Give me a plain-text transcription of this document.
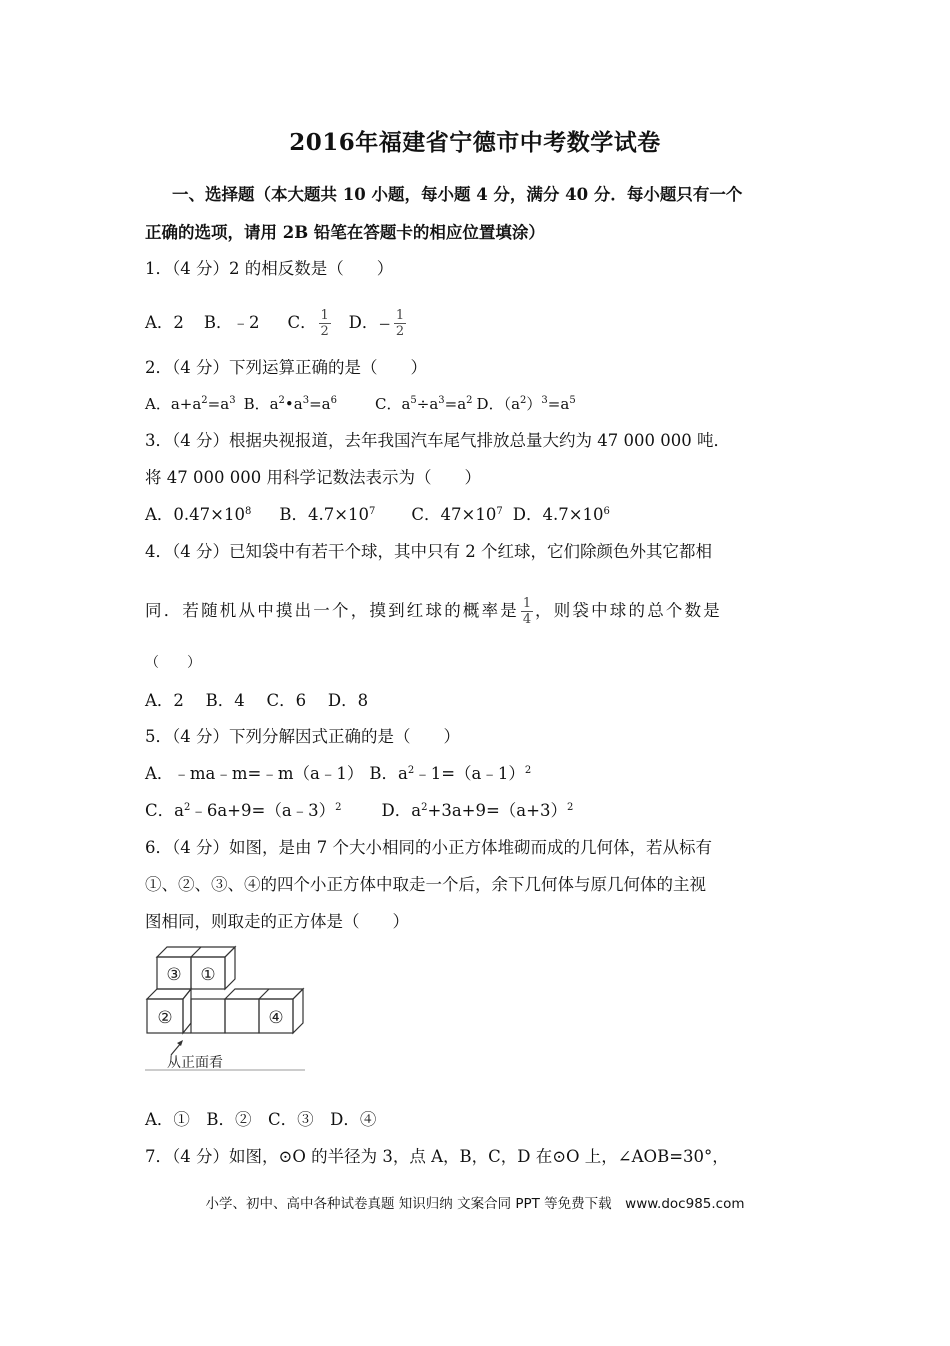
2016年福建省宁德市中考数学试卷
一、选择题（本大题共 10 小题，每小题 4 分，满分 40 分．每小题只有一个
正确的选项，请用 2B 铅笔在答题卡的相应位置填涂）
1．（4 分）2 的相反数是（　　）
A．2 B．﹣2 C． $\frac{1}{2}$ D．− $\frac{1}{2}$
2．（4 分）下列运算正确的是（　　）
A．$a+a^2=a^3$ B．$a^2•a^3=a^6$	C．$a^5\div a^3=a^2$ D．$(a^2)^3=a^5$
3．（4 分）根据央视报道，去年我国汽车尾气排放总量大约为 47 000 000 吨．
将 47 000 000 用科学记数法表示为（　　）
A．$0.47\times 10^8$ B．$4.7\times 10^7$ C．$47\times 10^7$ D．$4.7\times 10^6$
4．（4 分）已知袋中有若干个球，其中只有 2 个红球，它们除颜色外其它都相
同．若随机从中摸出一个，摸到红球的概率是 $\frac{1}{4}$ ，则袋中球的总个数是
（　　）
A．2　 B．4　 C．6　 D．8
5．（4 分）下列分解因式正确的是（　　）
A．﹣ma﹣m=﹣m（a﹣1） B．$a^2﹣1=(a﹣1)^2$
C．$a^2﹣6a+9=(a﹣3)^2$ D．$a^2+3a+9=(a+3)^2$
6．（4 分）如图，是由 7 个大小相同的小正方体堆砌而成的几何体，若从标有
①、②、③、④的四个小正方体中取走一个后，余下几何体与原几何体的主视
图相同，则取走的正方体是（　　）
③ ①
②	④
从正面看
A．①　B．②　C．③　D．④
7．（4 分）如图，⊙O 的半径为 3，点 A，B，C，D 在⊙O 上，∠AOB=30°，
小学、初中、高中各种试卷真题 知识归纳 文案合同 PPT 等免费下载　www.doc985.com
